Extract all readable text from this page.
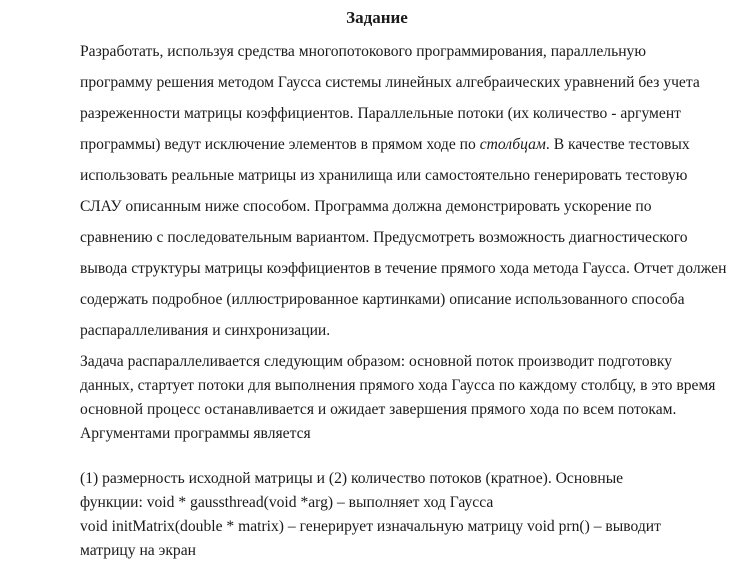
Задание

Разработать, используя средства многопотокового программирования, параллельную
программу решения методом Гаусса системы линейных алгебраических уравнений без учета
разреженности матрицы коэффициентов. Параллельные потоки (их количество - аргумент
программы) ведут исключение элементов в прямом ходе по столбцам. В качестве тестовых
использовать реальные матрицы из хранилища или самостоятельно генерировать тестовую
СЛАУ описанным ниже способом. Программа должна демонстрировать ускорение по
сравнению с последовательным вариантом. Предусмотреть возможность диагностического
вывода структуры матрицы коэффициентов в течение прямого хода метода Гаусса. Отчет должен
содержать подробное (иллюстрированное картинками) описание использованного способа
распараллеливания и синхронизации.

Задача распараллеливается следующим образом: основной поток производит подготовку
данных, стартует потоки для выполнения прямого хода Гаусса по каждому столбцу, в это время
основной процесс останавливается и ожидает завершения прямого хода по всем потокам.
Аргументами программы является

(1) размерность исходной матрицы и (2) количество потоков (кратное). Основные
функции: void * gaussthread(void *arg) – выполняет ход Гаусса
void initMatrix(double * matrix) – генерирует изначальную матрицу void prn() – выводит
матрицу на экран
